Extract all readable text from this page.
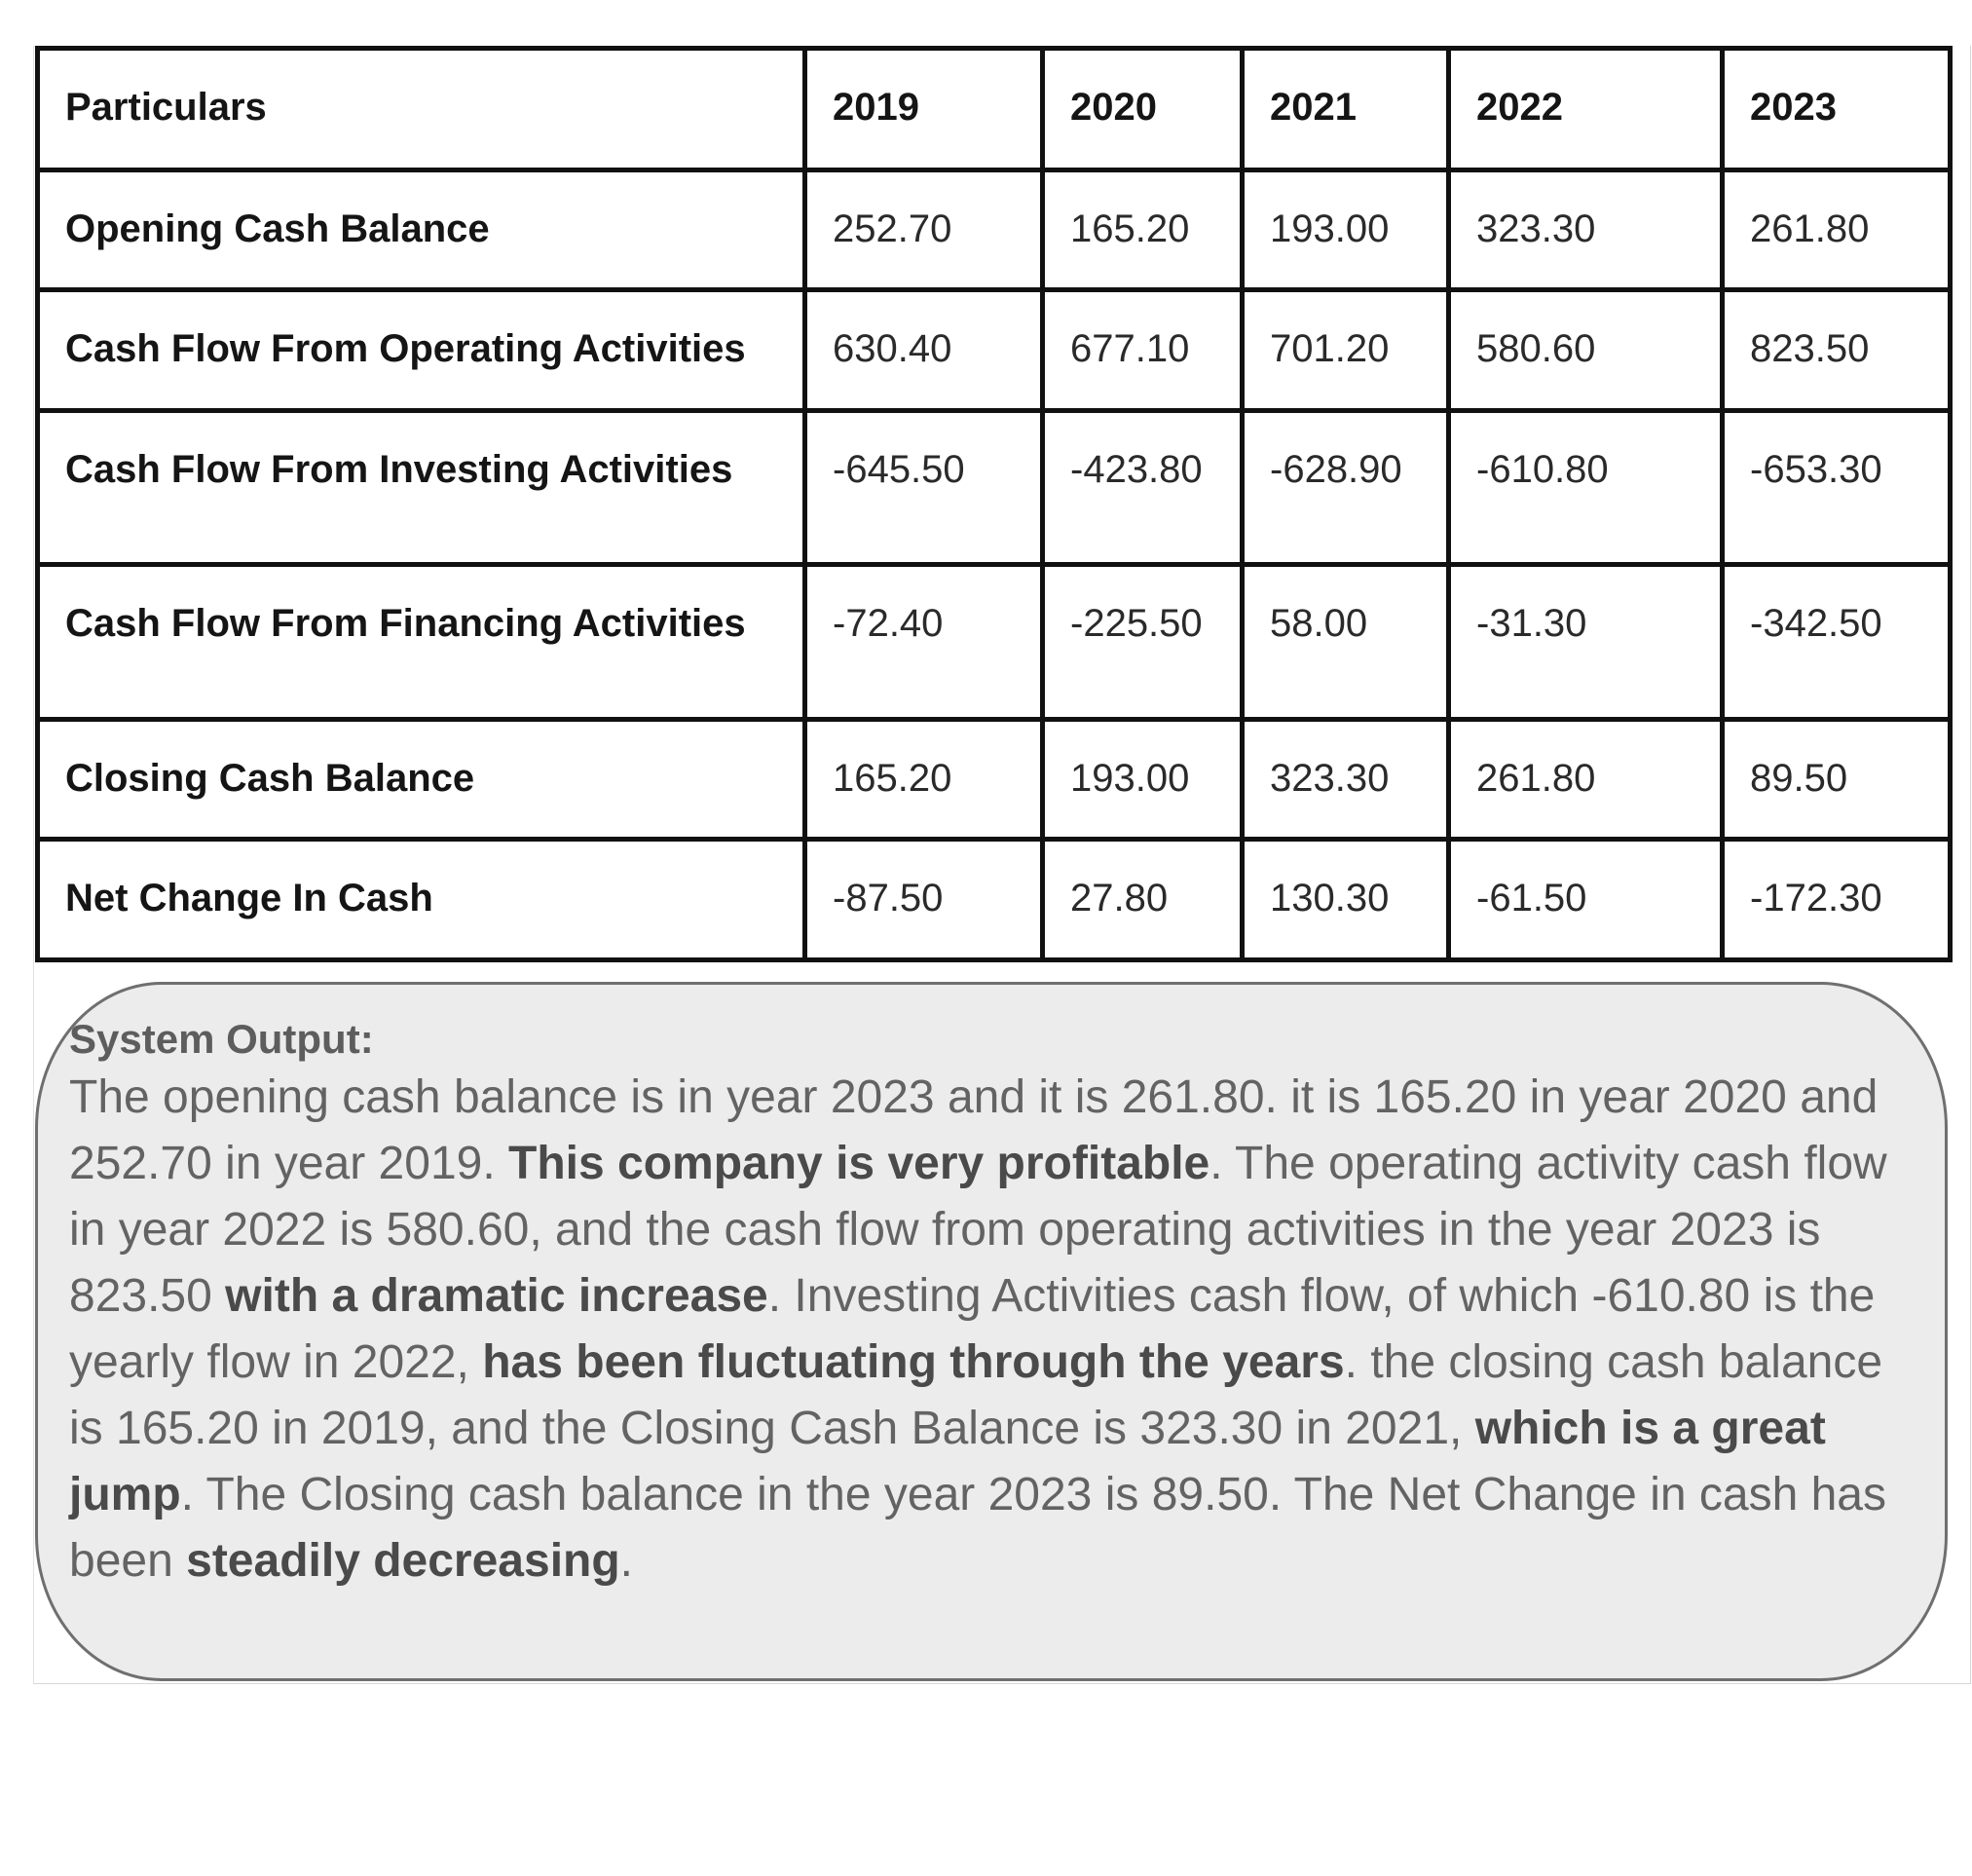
Particulars	2019	2020	2021	2022	2023

Opening Cash Balance	252.70	165.20	193.00	323.30	261.80

Cash Flow From Operating Activities	630.40	677.10	701.20	580.60	823.50

Cash Flow From Investing Activities	-645.50	-423.80	-628.90	-610.80	-653.30

Cash Flow From Financing Activities	-72.40	-225.50	58.00	-31.30	-342.50

Closing Cash Balance	165.20	193.00	323.30	261.80	89.50

Net Change In Cash	-87.50	27.80	130.30	-61.50	-172.30
System Output:
The opening cash balance is in year 2023 and it is 261.80. it is 165.20 in year 2020 and 252.70 in year 2019. This company is very profitable. The operating activity cash flow in year 2022 is 580.60, and the cash flow from operating activities in the year 2023 is 823.50 with a dramatic increase. Investing Activities cash flow, of which -610.80 is the yearly flow in 2022, has been fluctuating through the years. the closing cash balance is 165.20 in 2019, and the Closing Cash Balance is 323.30 in 2021, which is a great jump. The Closing cash balance in the year 2023 is 89.50. The Net Change in cash has been steadily decreasing.
